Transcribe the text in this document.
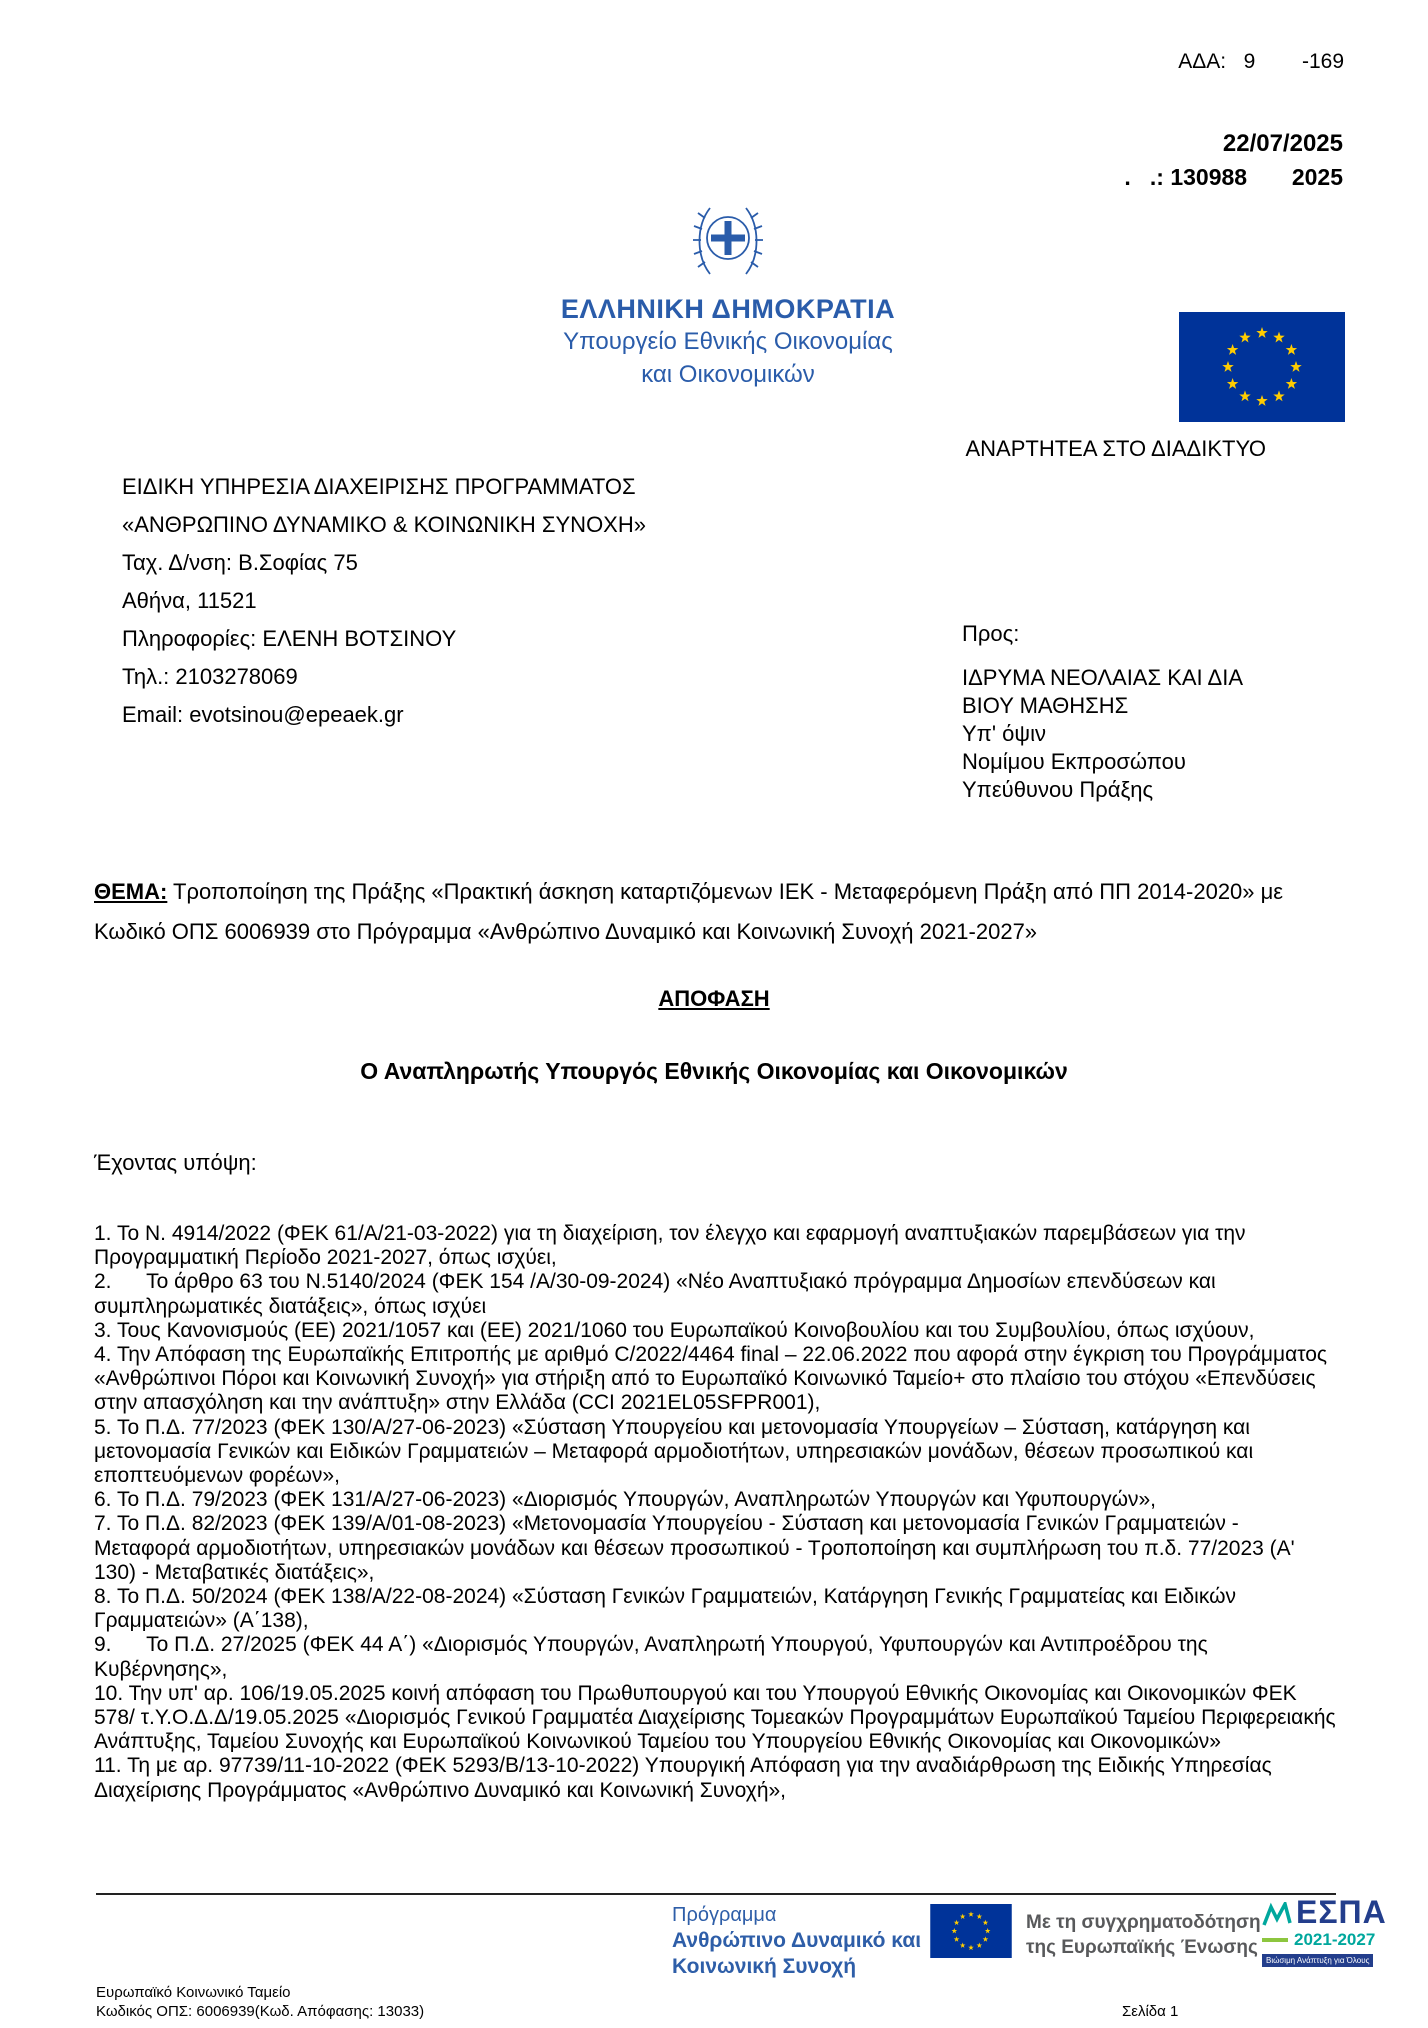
ΑΔΑ:   9        -169
22/07/2025
.   .: 130988       2025
ΕΛΛΗΝΙΚΗ ΔΗΜΟΚΡΑΤΙΑ
Υπουργείο Εθνικής Οικονομίας
και Οικονομικών
ΑΝΑΡΤΗΤΕΑ ΣΤΟ ΔΙΑΔΙΚΤΥΟ
ΕΙΔΙΚΗ ΥΠΗΡΕΣΙΑ ΔΙΑΧΕΙΡΙΣΗΣ ΠΡΟΓΡΑΜΜΑΤΟΣ
«ΑΝΘΡΩΠΙΝΟ ΔΥΝΑΜΙΚΟ & ΚΟΙΝΩΝΙΚΗ ΣΥΝΟΧΗ»
Ταχ. Δ/νση: Β.Σοφίας 75
Αθήνα, 11521
Πληροφορίες: ΕΛΕΝΗ ΒΟΤΣΙΝΟΥ
Τηλ.: 2103278069
Email: evotsinou@epeaek.gr
Προς:
ΙΔΡΥΜΑ ΝΕΟΛΑΙΑΣ ΚΑΙ ΔΙΑ ΒΙΟΥ ΜΑΘΗΣΗΣ
Υπ' όψιν
Νομίμου Εκπροσώπου
Υπεύθυνου Πράξης

ΘΕΜΑ: Τροποποίηση της Πράξης «Πρακτική άσκηση καταρτιζόμενων ΙΕΚ - Μεταφερόμενη Πράξη από ΠΠ 2014-2020» με Κωδικό ΟΠΣ 6006939 στο Πρόγραμμα «Ανθρώπινο Δυναμικό και Κοινωνική Συνοχή 2021-2027»

ΑΠΟΦΑΣΗ
Ο Αναπληρωτής Υπουργός Εθνικής Οικονομίας και Οικονομικών
Έχοντας υπόψη:

1. Το Ν. 4914/2022 (ΦΕΚ 61/Α/21-03-2022) για τη διαχείριση, τον έλεγχο και εφαρμογή αναπτυξιακών παρεμβάσεων για την Προγραμματική Περίοδο 2021-2027, όπως ισχύει,

2.      Το άρθρο 63 του Ν.5140/2024 (ΦΕΚ 154 /Α/30-09-2024) «Νέο Αναπτυξιακό πρόγραμμα Δημοσίων επενδύσεων και συμπληρωματικές διατάξεις», όπως ισχύει

3. Τους Κανονισμούς (ΕΕ) 2021/1057 και (ΕΕ) 2021/1060 του Ευρωπαϊκού Κοινοβουλίου και του Συμβουλίου, όπως ισχύουν,

4. Την Απόφαση της Ευρωπαϊκής Επιτροπής με αριθμό C/2022/4464 final – 22.06.2022 που αφορά στην έγκριση του Προγράμματος «Ανθρώπινοι Πόροι και Κοινωνική Συνοχή» για στήριξη από το Ευρωπαϊκό Κοινωνικό Ταμείο+ στο πλαίσιο του στόχου «Επενδύσεις στην απασχόληση και την ανάπτυξη» στην Ελλάδα (CCI 2021EL05SFPR001),

5. Το Π.Δ. 77/2023 (ΦΕΚ 130/Α/27-06-2023) «Σύσταση Υπουργείου και μετονομασία Υπουργείων – Σύσταση, κατάργηση και μετονομασία Γενικών και Ειδικών Γραμματειών – Μεταφορά αρμοδιοτήτων, υπηρεσιακών μονάδων, θέσεων προσωπικού και εποπτευόμενων φορέων»,

6. Το Π.Δ. 79/2023 (ΦΕΚ 131/Α/27-06-2023) «Διορισμός Υπουργών, Αναπληρωτών Υπουργών και Υφυπουργών»,

7. Το Π.Δ. 82/2023 (ΦΕΚ 139/Α/01-08-2023) «Μετονομασία Υπουργείου - Σύσταση και μετονομασία Γενικών Γραμματειών - Μεταφορά αρμοδιοτήτων, υπηρεσιακών μονάδων και θέσεων προσωπικού - Τροποποίηση και συμπλήρωση του π.δ. 77/2023 (Α' 130) - Μεταβατικές διατάξεις»,

8. Το Π.Δ. 50/2024 (ΦΕΚ 138/Α/22-08-2024) «Σύσταση Γενικών Γραμματειών, Κατάργηση Γενικής Γραμματείας και Ειδικών Γραμματειών» (Α΄138),

9.      Το Π.Δ. 27/2025 (ΦΕΚ 44 Α΄) «Διορισμός Υπουργών, Αναπληρωτή Υπουργού, Υφυπουργών και Αντιπροέδρου της Κυβέρνησης»,

10. Την υπ' αρ. 106/19.05.2025 κοινή απόφαση του Πρωθυπουργού και του Υπουργού Εθνικής Οικονομίας και Οικονομικών ΦΕΚ 578/ τ.Υ.Ο.Δ.Δ/19.05.2025 «Διορισμός Γενικού Γραμματέα Διαχείρισης Τομεακών Προγραμμάτων Ευρωπαϊκού Ταμείου Περιφερειακής Ανάπτυξης, Ταμείου Συνοχής και Ευρωπαϊκού Κοινωνικού Ταμείου του Υπουργείου Εθνικής Οικονομίας και Οικονομικών»

11. Τη με αρ. 97739/11-10-2022 (ΦΕΚ 5293/Β/13-10-2022) Υπουργική Απόφαση για την αναδιάρθρωση της Ειδικής Υπηρεσίας Διαχείρισης Προγράμματος «Ανθρώπινο Δυναμικό και Κοινωνική Συνοχή»,

Πρόγραμμα
Ανθρώπινο Δυναμικό και
Κοινωνική Συνοχή
Με τη συγχρηματοδότηση
της Ευρωπαϊκής Ένωσης
ΕΣΠΑ
2021-2027
Βιώσιμη Ανάπτυξη για Όλους
Ευρωπαϊκό Κοινωνικό Ταμείο
Κωδικός ΟΠΣ: 6006939(Κωδ. Απόφασης: 13033)	Σελίδα 1
